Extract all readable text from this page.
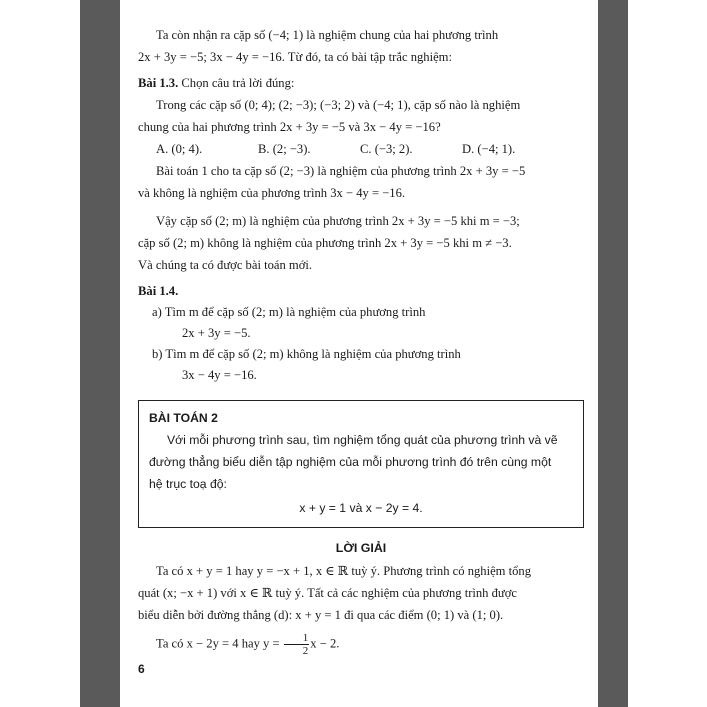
Ta còn nhận ra cặp số (−4; 1) là nghiệm chung của hai phương trình

2x + 3y = −5; 3x − 4y = −16. Từ đó, ta có bài tập trắc nghiệm:

Bài 1.3. Chọn câu trả lời đúng:

Trong các cặp số (0; 4); (2; −3); (−3; 2) và (−4; 1), cặp số nào là nghiệm

chung của hai phương trình 2x + 3y = −5 và 3x − 4y = −16?

A. (0; 4).	B. (2; −3).	C. (−3; 2).	D. (−4; 1).

Bài toán 1 cho ta cặp số (2; −3) là nghiệm của phương trình 2x + 3y = −5

và không là nghiệm của phương trình 3x − 4y = −16.

Vậy cặp số (2; m) là nghiệm của phương trình 2x + 3y = −5 khi m = −3;

cặp số (2; m) không là nghiệm của phương trình 2x + 3y = −5 khi m ≠ −3.

Và chúng ta có được bài toán mới.

Bài 1.4.

a) Tìm m để cặp số (2; m) là nghiệm của phương trình
2x + 3y = −5.
b) Tìm m để cặp số (2; m) không là nghiệm của phương trình
3x − 4y = −16.
BÀI TOÁN 2

Với mỗi phương trình sau, tìm nghiệm tổng quát của phương trình và vẽ

đường thẳng biểu diễn tập nghiệm của mỗi phương trình đó trên cùng một

hệ trục toạ độ:

x + y = 1 và x − 2y = 4.
LỜI GIẢI

Ta có x + y = 1 hay y = −x + 1, x ∈ ℝ tuỳ ý. Phương trình có nghiệm tổng

quát (x; −x + 1) với x ∈ ℝ tuỳ ý. Tất cả các nghiệm của phương trình được

biểu diễn bởi đường thẳng (d): x + y = 1 đi qua các điểm (0; 1) và (1; 0).

Ta có x − 2y = 4 hay $y = \frac{1}{2}$ x − 2.

6
